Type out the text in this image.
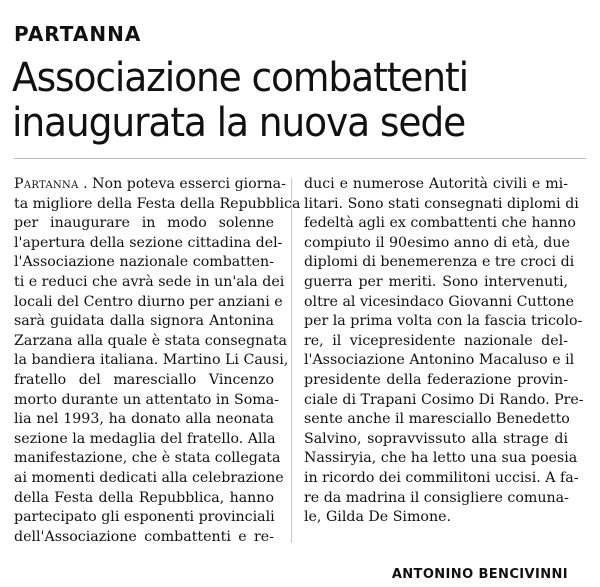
PARTANNA
Associazione combattenti
inaugurata la nuova sede
Partanna . Non poteva esserci giorna-
ta migliore della Festa della Repubblica
per inaugurare in modo solenne
l'apertura della sezione cittadina del-
l'Associazione nazionale combatten-
ti e reduci che avrà sede in un'ala dei
locali del Centro diurno per anziani e
sarà guidata dalla signora Antonina
Zarzana alla quale è stata consegnata
la bandiera italiana. Martino Li Causi,
fratello del maresciallo Vincenzo
morto durante un attentato in Soma-
lia nel 1993, ha donato alla neonata
sezione la medaglia del fratello. Alla
manifestazione, che è stata collegata
ai momenti dedicati alla celebrazione
della Festa della Repubblica, hanno
partecipato gli esponenti provinciali
dell'Associazione combattenti e re-
duci e numerose Autorità civili e mi-
litari. Sono stati consegnati diplomi di
fedeltà agli ex combattenti che hanno
compiuto il 90esimo anno di età, due
diplomi di benemerenza e tre croci di
guerra per meriti. Sono intervenuti,
oltre al vicesindaco Giovanni Cuttone
per la prima volta con la fascia tricolo-
re, il vicepresidente nazionale del-
l'Associazione Antonino Macaluso e il
presidente della federazione provin-
ciale di Trapani Cosimo Di Rando. Pre-
sente anche il maresciallo Benedetto
Salvino, sopravvissuto alla strage di
Nassiryia, che ha letto una sua poesia
in ricordo dei commilitoni uccisi. A fa-
re da madrina il consigliere comuna-
le, Gilda De Simone.
ANTONINO BENCIVINNI
